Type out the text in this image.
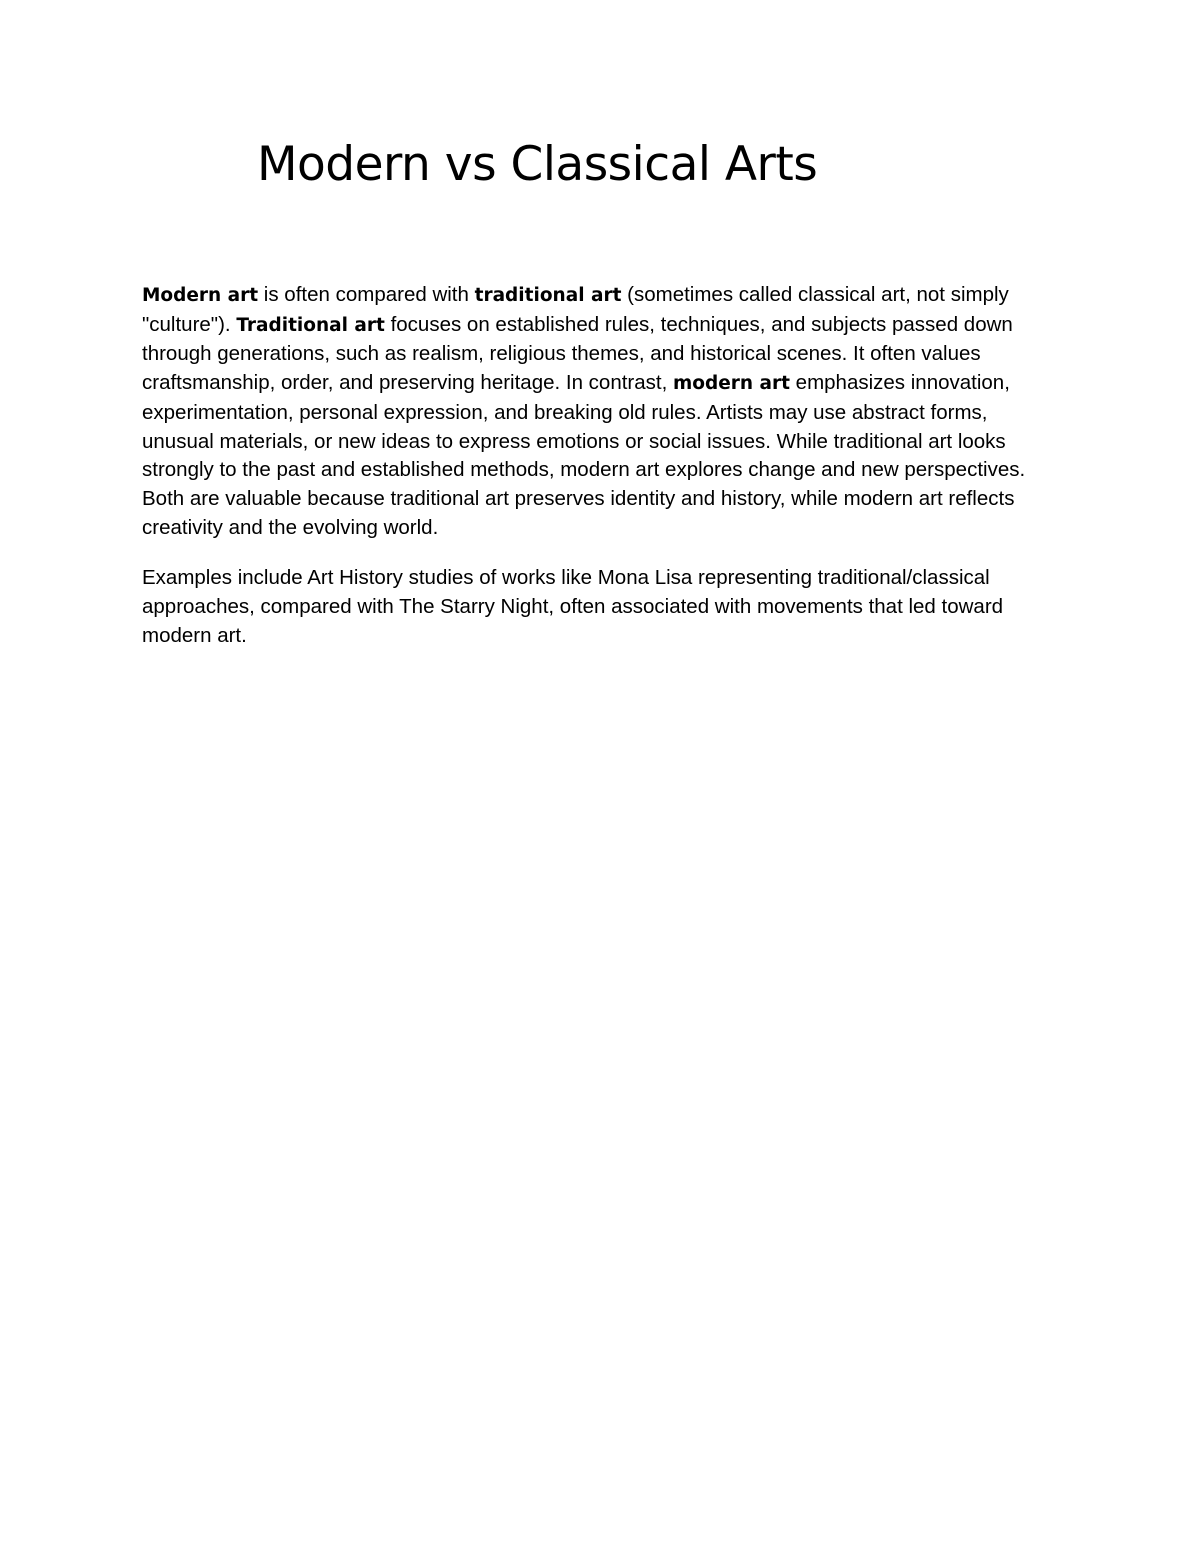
Modern vs Classical Arts

Modern art is often compared with traditional art (sometimes called classical art, not simply "culture"). Traditional art focuses on established rules, techniques, and subjects passed down through generations, such as realism, religious themes, and historical scenes. It often values craftsmanship, order, and preserving heritage. In contrast, modern art emphasizes innovation, experimentation, personal expression, and breaking old rules. Artists may use abstract forms, unusual materials, or new ideas to express emotions or social issues. While traditional art looks strongly to the past and established methods, modern art explores change and new perspectives. Both are valuable because traditional art preserves identity and history, while modern art reflects creativity and the evolving world.

Examples include Art History studies of works like Mona Lisa representing traditional/classical approaches, compared with The Starry Night, often associated with movements that led toward modern art.
